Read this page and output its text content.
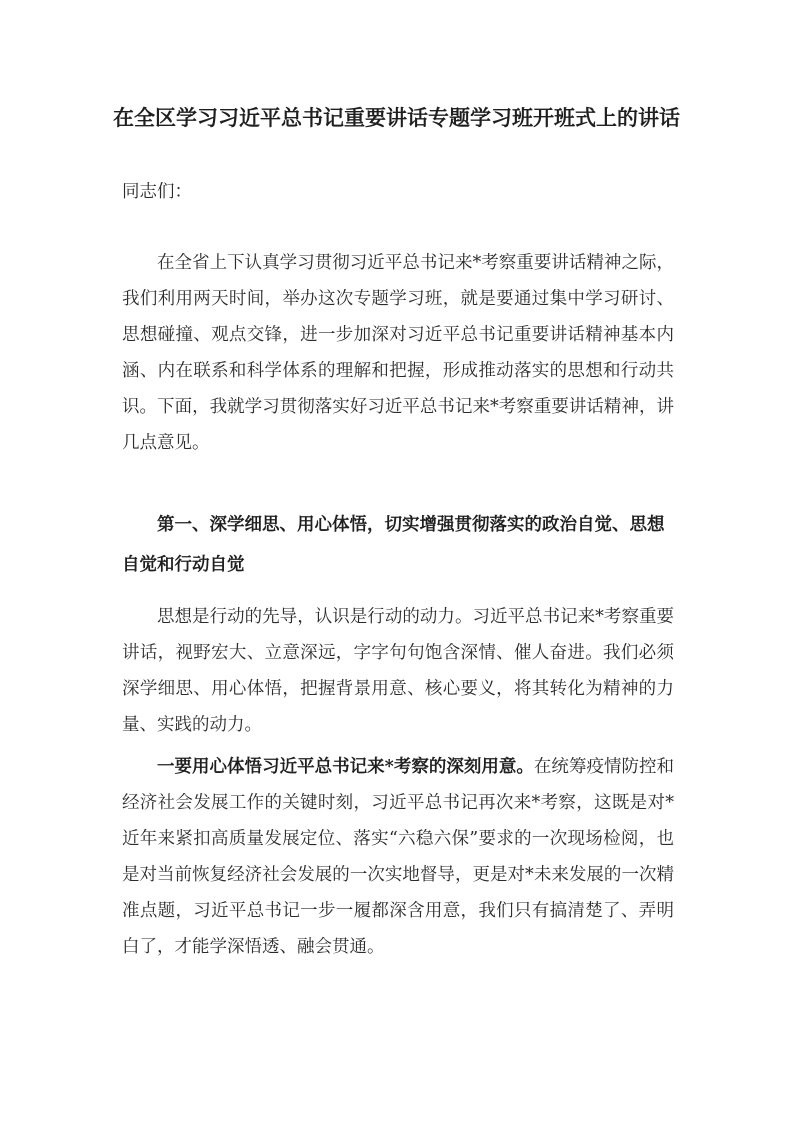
在全区学习习近平总书记重要讲话专题学习班开班式上的讲话
同志们：
在全省上下认真学习贯彻习近平总书记来*考察重要讲话精神之际，我们利用两天时间，举办这次专题学习班，就是要通过集中学习研讨、思想碰撞、观点交锋，进一步加深对习近平总书记重要讲话精神基本内涵、内在联系和科学体系的理解和把握，形成推动落实的思想和行动共识。下面，我就学习贯彻落实好习近平总书记来*考察重要讲话精神，讲几点意见。
第一、深学细思、用心体悟，切实增强贯彻落实的政治自觉、思想自觉和行动自觉
思想是行动的先导，认识是行动的动力。习近平总书记来*考察重要讲话，视野宏大、立意深远，字字句句饱含深情、催人奋进。我们必须深学细思、用心体悟，把握背景用意、核心要义，将其转化为精神的力量、实践的动力。
一要用心体悟习近平总书记来*考察的深刻用意。在统筹疫情防控和经济社会发展工作的关键时刻，习近平总书记再次来*考察，这既是对*近年来紧扣高质量发展定位、落实“六稳六保”要求的一次现场检阅，也是对当前恢复经济社会发展的一次实地督导，更是对*未来发展的一次精准点题，习近平总书记一步一履都深含用意，我们只有搞清楚了、弄明白了，才能学深悟透、融会贯通。
